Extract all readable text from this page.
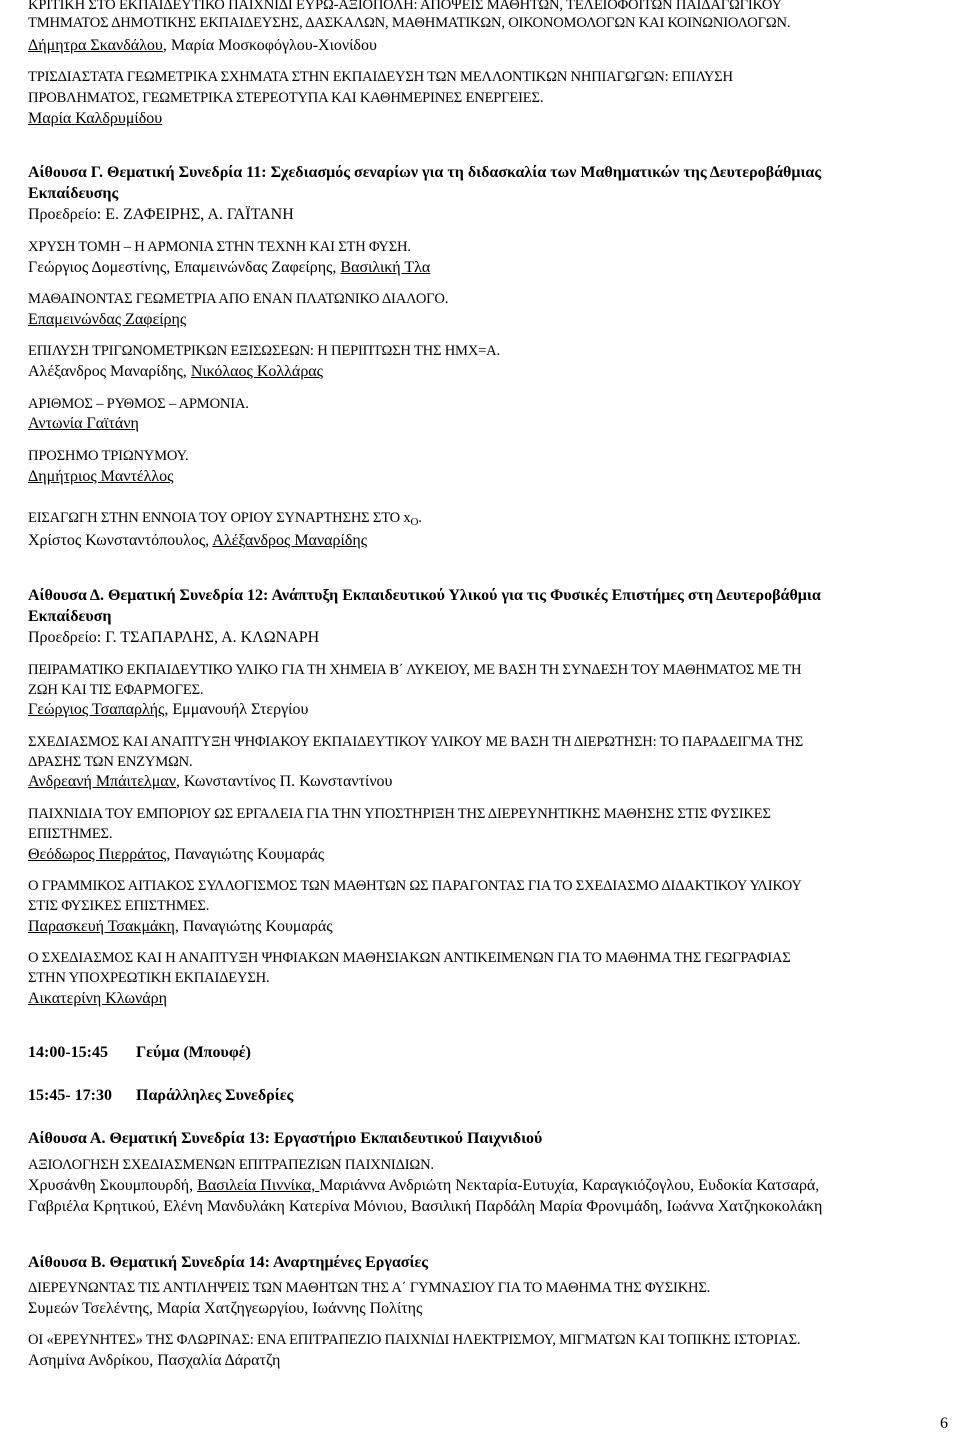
ΚΡΙΤΙΚΗ ΣΤΟ ΕΚΠΑΙΔΕΥΤΙΚΟ ΠΑΙΧΝΙΔΙ ΕΥΡΩ-ΑΞΙΟΠΟΛΗ: ΑΠΟΨΕΙΣ ΜΑΘΗΤΩΝ, ΤΕΛΕΙΟΦΟΙΤΩΝ ΠΑΙΔΑΓΩΓΙΚΟΥ
ΤΜΗΜΑΤΟΣ ΔΗΜΟΤΙΚΗΣ ΕΚΠΑΙΔΕΥΣΗΣ, ΔΑΣΚΑΛΩΝ, ΜΑΘΗΜΑΤΙΚΩΝ, ΟΙΚΟΝΟΜΟΛΟΓΩΝ ΚΑΙ ΚΟΙΝΩΝΙΟΛΟΓΩΝ.
Δήμητρα Σκανδάλου, Μαρία Μοσκοφόγλου-Χιονίδου
ΤΡΙΣΔΙΑΣΤΑΤΑ ΓΕΩΜΕΤΡΙΚΑ ΣΧΗΜΑΤΑ ΣΤΗΝ ΕΚΠΑΙΔΕΥΣΗ ΤΩΝ ΜΕΛΛΟΝΤΙΚΩΝ ΝΗΠΙΑΓΩΓΩΝ: ΕΠΙΛΥΣΗ
ΠΡΟΒΛΗΜΑΤΟΣ, ΓΕΩΜΕΤΡΙΚΑ ΣΤΕΡΕΟΤΥΠΑ ΚΑΙ ΚΑΘΗΜΕΡΙΝΕΣ ΕΝΕΡΓΕΙΕΣ.
Μαρία Καλδρυμίδου
Αίθουσα Γ. Θεματική Συνεδρία 11: Σχεδιασμός σεναρίων για τη διδασκαλία των Μαθηματικών της Δευτεροβάθμιας
Εκπαίδευσης
Προεδρείο: Ε. ΖΑΦΕΙΡΗΣ, Α. ΓΑΪΤΑΝΗ
ΧΡΥΣΗ ΤΟΜΗ – Η ΑΡΜΟΝΙΑ ΣΤΗΝ ΤΕΧΝΗ ΚΑΙ ΣΤΗ ΦΥΣΗ.
Γεώργιος Δομεστίνης, Επαμεινώνδας Ζαφείρης, Βασιλική Τλα
ΜΑΘΑΙΝΟΝΤΑΣ ΓΕΩΜΕΤΡΙΑ ΑΠΟ ΕΝΑΝ ΠΛΑΤΩΝΙΚΟ ΔΙΑΛΟΓΟ.
Επαμεινώνδας Ζαφείρης
ΕΠΙΛΥΣΗ ΤΡΙΓΩΝΟΜΕΤΡΙΚΩΝ ΕΞΙΣΩΣΕΩΝ: Η ΠΕΡΙΠΤΩΣΗ ΤΗΣ ΗΜΧ=Α.
Αλέξανδρος Μαναρίδης, Νικόλαος Κολλάρας
ΑΡΙΘΜΟΣ – ΡΥΘΜΟΣ – ΑΡΜΟΝΙΑ.
Αντωνία Γαϊτάνη
ΠΡΟΣΗΜΟ ΤΡΙΩΝΥΜΟΥ.
Δημήτριος Μαντέλλος
ΕΙΣΑΓΩΓΗ ΣΤΗΝ ΕΝΝΟΙΑ ΤΟΥ ΟΡΙΟΥ ΣΥΝΑΡΤΗΣΗΣ ΣΤΟ $x_O$.
Χρίστος Κωνσταντόπουλος, Αλέξανδρος Μαναρίδης
Αίθουσα Δ. Θεματική Συνεδρία 12: Ανάπτυξη Εκπαιδευτικού Υλικού για τις Φυσικές Επιστήμες στη Δευτεροβάθμια
Εκπαίδευση
Προεδρείο: Γ. ΤΣΑΠΑΡΛΗΣ, Α. ΚΛΩΝΑΡΗ
ΠΕΙΡΑΜΑΤΙΚΟ ΕΚΠΑΙΔΕΥΤΙΚΟ ΥΛΙΚΟ ΓΙΑ ΤΗ ΧΗΜΕΙΑ Β΄ ΛΥΚΕΙΟΥ, ΜΕ ΒΑΣΗ ΤΗ ΣΥΝΔΕΣΗ ΤΟΥ ΜΑΘΗΜΑΤΟΣ ΜΕ ΤΗ
ΖΩΗ ΚΑΙ ΤΙΣ ΕΦΑΡΜΟΓΕΣ.
Γεώργιος Τσαπαρλής, Εμμανουήλ Στεργίου
ΣΧΕΔΙΑΣΜΟΣ ΚΑΙ ΑΝΑΠΤΥΞΗ ΨΗΦΙΑΚΟΥ ΕΚΠΑΙΔΕΥΤΙΚΟΥ ΥΛΙΚΟΥ ΜΕ ΒΑΣΗ ΤΗ ΔΙΕΡΩΤΗΣΗ: ΤΟ ΠΑΡΑΔΕΙΓΜΑ ΤΗΣ
ΔΡΑΣΗΣ ΤΩΝ ΕΝΖΥΜΩΝ.
Ανδρεανή Μπάιτελμαν, Κωνσταντίνος Π. Κωνσταντίνου
ΠΑΙΧΝΙΔΙΑ ΤΟΥ ΕΜΠΟΡΙΟΥ ΩΣ ΕΡΓΑΛΕΙΑ ΓΙΑ ΤΗΝ ΥΠΟΣΤΗΡΙΞΗ ΤΗΣ ΔΙΕΡΕΥΝΗΤΙΚΗΣ ΜΑΘΗΣΗΣ ΣΤΙΣ ΦΥΣΙΚΕΣ
ΕΠΙΣΤΗΜΕΣ.
Θεόδωρος Πιερράτος, Παναγιώτης Κουμαράς
Ο ΓΡΑΜΜΙΚΟΣ ΑΙΤΙΑΚΟΣ ΣΥΛΛΟΓΙΣΜΟΣ ΤΩΝ ΜΑΘΗΤΩΝ ΩΣ ΠΑΡΑΓΟΝΤΑΣ ΓΙΑ ΤΟ ΣΧΕΔΙΑΣΜΟ ΔΙΔΑΚΤΙΚΟΥ ΥΛΙΚΟΥ
ΣΤΙΣ ΦΥΣΙΚΕΣ ΕΠΙΣΤΗΜΕΣ.
Παρασκευή Τσακμάκη, Παναγιώτης Κουμαράς
Ο ΣΧΕΔΙΑΣΜΟΣ ΚΑΙ Η ΑΝΑΠΤΥΞΗ ΨΗΦΙΑΚΩΝ ΜΑΘΗΣΙΑΚΩΝ ΑΝΤΙΚΕΙΜΕΝΩΝ ΓΙΑ ΤΟ ΜΑΘΗΜΑ ΤΗΣ ΓΕΩΓΡΑΦΙΑΣ
ΣΤΗΝ ΥΠΟΧΡΕΩΤΙΚΗ ΕΚΠΑΙΔΕΥΣΗ.
Αικατερίνη Κλωνάρη
14:00-15:45 Γεύμα (Μπουφέ)
15:45- 17:30 Παράλληλες Συνεδρίες
Αίθουσα Α. Θεματική Συνεδρία 13: Εργαστήριο Εκπαιδευτικού Παιχνιδιού
ΑΞΙΟΛΟΓΗΣΗ ΣΧΕΔΙΑΣΜΕΝΩΝ ΕΠΙΤΡΑΠΕΖΙΩΝ ΠΑΙΧΝΙΔΙΩΝ.
Χρυσάνθη Σκουμπουρδή, Βασιλεία Πιννίκα, Μαριάννα Ανδριώτη Νεκταρία-Ευτυχία, Καραγκιόζογλου, Ευδοκία Κατσαρά,
Γαβριέλα Κρητικού, Ελένη Μανδυλάκη Κατερίνα Μόνιου, Βασιλική Παρδάλη Μαρία Φρονιμάδη, Ιωάννα Χατζηκοκολάκη
Αίθουσα Β. Θεματική Συνεδρία 14: Αναρτημένες Εργασίες
ΔΙΕΡΕΥΝΩΝΤΑΣ ΤΙΣ ΑΝΤΙΛΗΨΕΙΣ ΤΩΝ ΜΑΘΗΤΩΝ ΤΗΣ Α΄ ΓΥΜΝΑΣΙΟΥ ΓΙΑ ΤΟ ΜΑΘΗΜΑ ΤΗΣ ΦΥΣΙΚΗΣ.
Συμεών Τσελέντης, Μαρία Χατζηγεωργίου, Ιωάννης Πολίτης
ΟΙ «ΕΡΕΥΝΗΤΕΣ» ΤΗΣ ΦΛΩΡΙΝΑΣ: ΕΝΑ ΕΠΙΤΡΑΠΕΖΙΟ ΠΑΙΧΝΙΔΙ ΗΛΕΚΤΡΙΣΜΟΥ, ΜΙΓΜΑΤΩΝ ΚΑΙ ΤΟΠΙΚΗΣ ΙΣΤΟΡΙΑΣ.
Ασημίνα Ανδρίκου, Πασχαλία Δάρατζη
6
